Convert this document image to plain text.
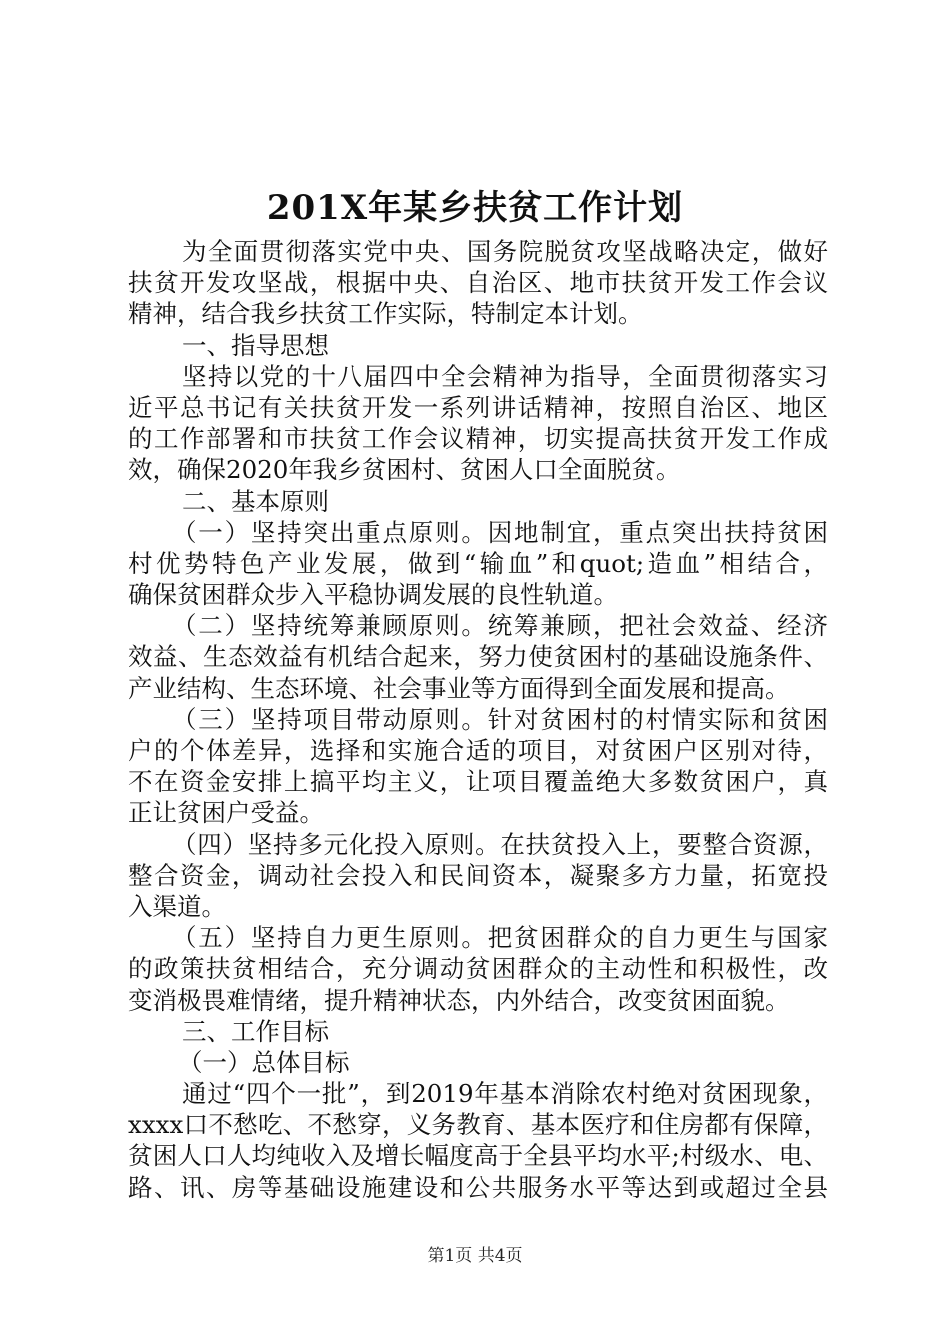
201X年某乡扶贫工作计划
为全面贯彻落实党中央、国务院脱贫攻坚战略决定，做好
扶贫开发攻坚战，根据中央、自治区、地市扶贫开发工作会议
精神，结合我乡扶贫工作实际，特制定本计划。
一、指导思想
坚持以党的十八届四中全会精神为指导，全面贯彻落实习
近平总书记有关扶贫开发一系列讲话精神，按照自治区、地区
的工作部署和市扶贫工作会议精神，切实提高扶贫开发工作成
效，确保2020年我乡贫困村、贫困人口全面脱贫。
二、基本原则
（一）坚持突出重点原则。因地制宜，重点突出扶持贫困
村优势特色产业发展，做到“输血”和quot;造血”相结合，
确保贫困群众步入平稳协调发展的良性轨道。
（二）坚持统筹兼顾原则。统筹兼顾，把社会效益、经济
效益、生态效益有机结合起来，努力使贫困村的基础设施条件、
产业结构、生态环境、社会事业等方面得到全面发展和提高。
（三）坚持项目带动原则。针对贫困村的村情实际和贫困
户的个体差异，选择和实施合适的项目，对贫困户区别对待，
不在资金安排上搞平均主义，让项目覆盖绝大多数贫困户，真
正让贫困户受益。
（四）坚持多元化投入原则。在扶贫投入上，要整合资源，
整合资金，调动社会投入和民间资本，凝聚多方力量，拓宽投
入渠道。
（五）坚持自力更生原则。把贫困群众的自力更生与国家
的政策扶贫相结合，充分调动贫困群众的主动性和积极性，改
变消极畏难情绪，提升精神状态，内外结合，改变贫困面貌。
三、工作目标
（一）总体目标
通过“四个一批”，到2019年基本消除农村绝对贫困现象，
xxxx口不愁吃、不愁穿，义务教育、基本医疗和住房都有保障，
贫困人口人均纯收入及增长幅度高于全县平均水平;村级水、电、
路、讯、房等基础设施建设和公共服务水平等达到或超过全县
第1页 共4页
